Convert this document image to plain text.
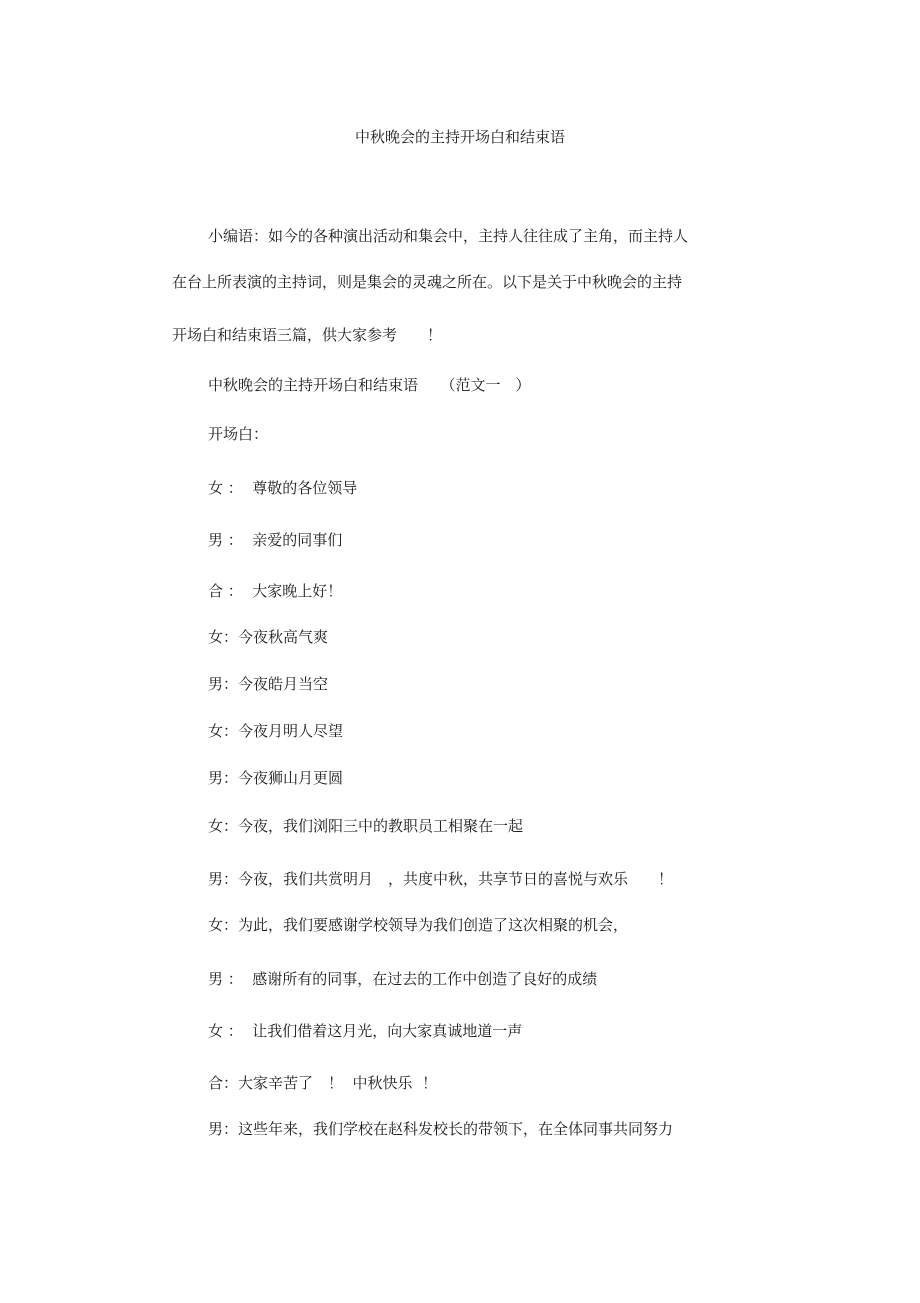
中秋晚会的主持开场白和结束语
小编语：如今的各种演出活动和集会中，主持人往往成了主角，而主持人
在台上所表演的主持词，则是集会的灵魂之所在。以下是关于中秋晚会的主持
开场白和结束语三篇，供大家参考　　！
中秋晚会的主持开场白和结束语　　（范文一　）
开场白：
女 ：  尊敬的各位领导
男 ：  亲爱的同事们
合 ：  大家晚上好！
女：今夜秋高气爽
男：今夜皓月当空
女：今夜月明人尽望
男：今夜狮山月更圆
女：今夜，我们浏阳三中的教职员工相聚在一起
男：今夜，我们共赏明月　，共度中秋，共享节日的喜悦与欢乐　　！
女：为此，我们要感谢学校领导为我们创造了这次相聚的机会，
男 ：  感谢所有的同事，在过去的工作中创造了良好的成绩
女 ：  让我们借着这月光，向大家真诚地道一声
合：大家辛苦了　！  中秋快乐  ！
男：这些年来，我们学校在赵科发校长的带领下，在全体同事共同努力
